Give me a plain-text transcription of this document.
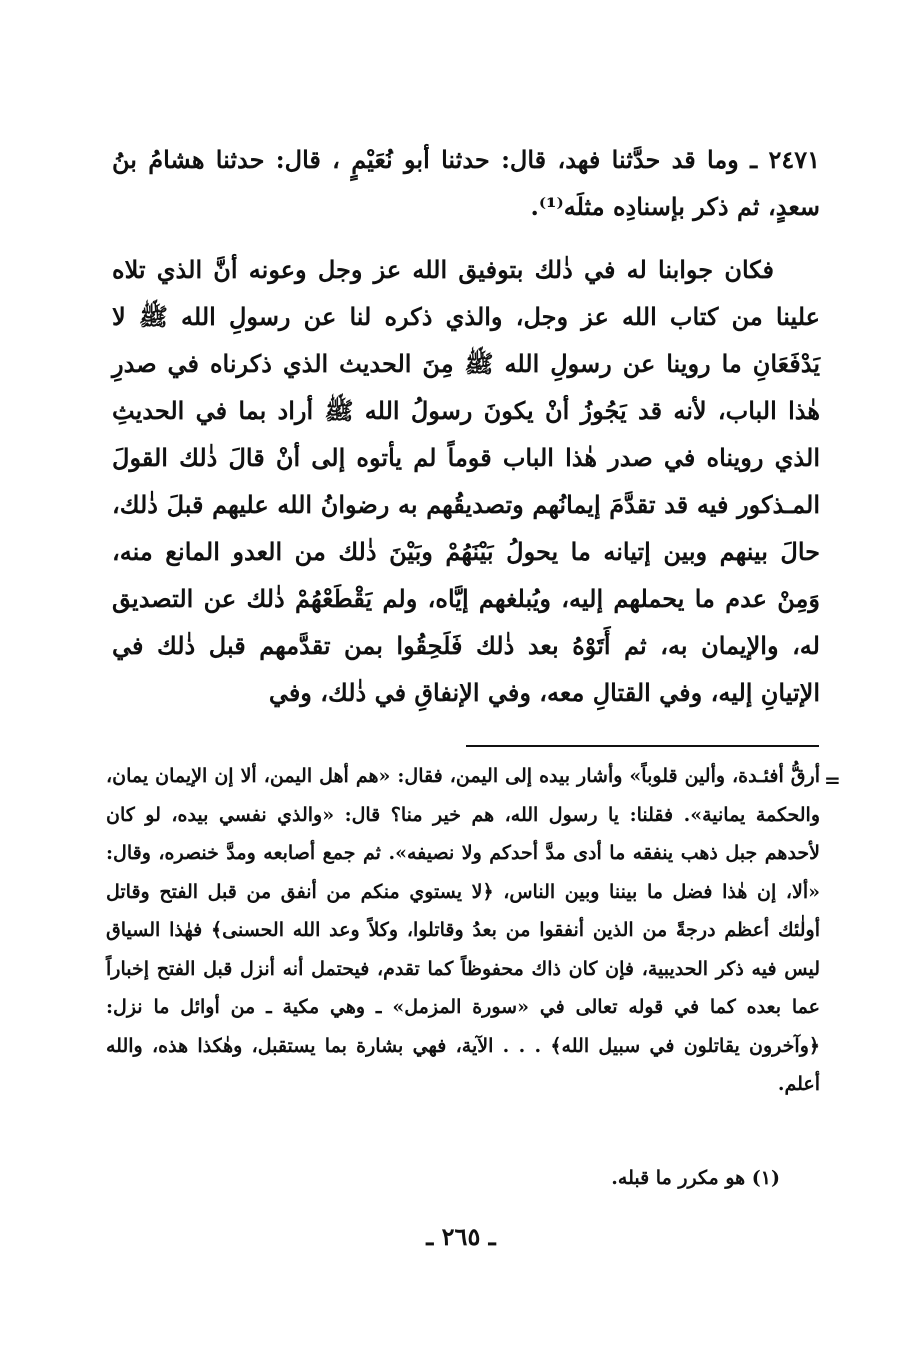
٢٤٧١ ـ وما قد حدَّثنا فهد، قال: حدثنا أبو نُعَيْمٍ ، قال: حدثنا هشامُ بنُ سعدٍ، ثم ذكر بإسنادِه مثلَه⁽¹⁾.

فكان جوابنا له في ذٰلك بتوفيق الله عز وجل وعونه أنَّ الذي تلاه علينا من كتاب الله عز وجل، والذي ذكره لنا عن رسولِ الله ﷺ لا يَدْفَعَانِ ما روينا عن رسولِ الله ﷺ مِنَ الحديث الذي ذكرناه في صدرِ هٰذا الباب، لأنه قد يَجُوزُ أنْ يكونَ رسولُ الله ﷺ أراد بما في الحديثِ الذي رويناه في صدر هٰذا الباب قوماً لم يأتوه إلى أنْ قالَ ذٰلك القولَ المـذكور فيه قد تقدَّمَ إيمانُهم وتصديقُهم به رضوانُ الله عليهم قبلَ ذٰلك، حالَ بينهم وبين إتيانه ما يحولُ بَيْنَهُمْ وبَيْنَ ذٰلك من العدو المانع منه، وَمِنْ عدم ما يحملهم إليه، ويُبلغهم إيَّاه، ولم يَقْطَعْهُمْ ذٰلك عن التصديق له، والإيمان به، ثم أَتَوْهُ بعد ذٰلك فَلَحِقُوا بمن تقدَّمهم قبل ذٰلك في الإتيانِ إليه، وفي القتالِ معه، وفي الإنفاقِ في ذٰلك، وفي

=

أرقُّ أفئـدة، وألين قلوباً» وأشار بيده إلى اليمن، فقال: «هم أهل اليمن، ألا إن الإيمان يمان، والحكمة يمانية». فقلنا: يا رسول الله، هم خير منا؟ قال: «والذي نفسي بيده، لو كان لأحدهم جبل ذهب ينفقه ما أدى مدَّ أحدكم ولا نصيفه». ثم جمع أصابعه ومدَّ خنصره، وقال: «ألا، إن هٰذا فضل ما بيننا وبين الناس، ﴿لا يستوي منكم من أنفق من قبل الفتح وقاتل أولٰئك أعظم درجةً من الذين أنفقوا من بعدُ وقاتلوا، وكلاً وعد الله الحسنى﴾ فهٰذا السياق ليس فيه ذكر الحديبية، فإن كان ذاك محفوظاً كما تقدم، فيحتمل أنه أنزل قبل الفتح إخباراً عما بعده كما في قوله تعالى في «سورة المزمل» ـ وهي مكية ـ من أوائل ما نزل: ﴿وآخرون يقاتلون في سبيل الله﴾ . . . الآية، فهي بشارة بما يستقبل، وهٰكذا هذه، والله أعلم.

(١) هو مكرر ما قبله.

ـ ٢٦٥ ـ
